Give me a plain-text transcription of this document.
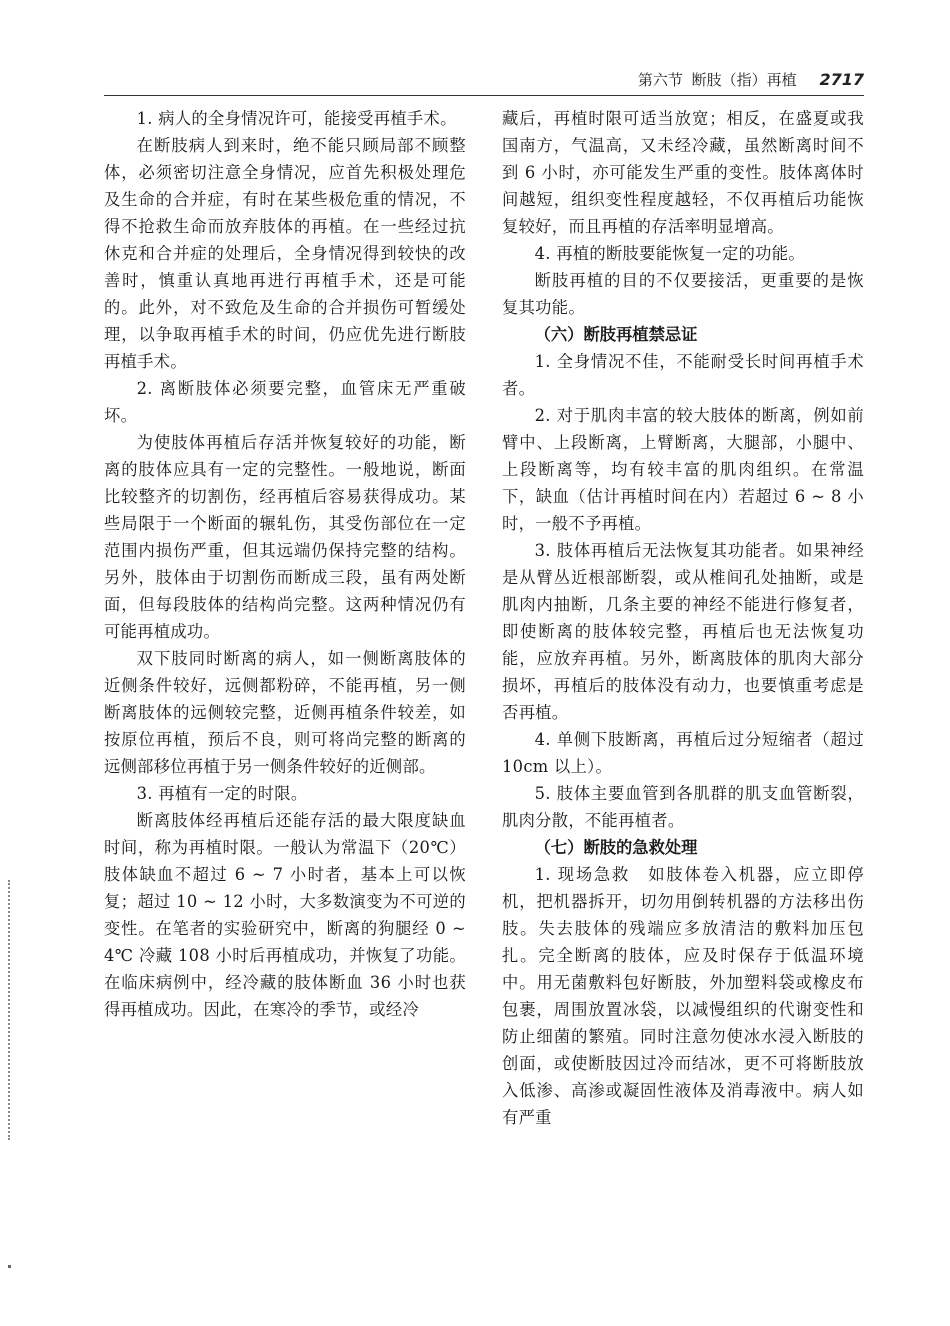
第六节 断肢（指）再植 2717

1. 病人的全身情况许可，能接受再植手术。

在断肢病人到来时，绝不能只顾局部不顾整体，必须密切注意全身情况，应首先积极处理危及生命的合并症，有时在某些极危重的情况，不得不抢救生命而放弃肢体的再植。在一些经过抗休克和合并症的处理后，全身情况得到较快的改善时，慎重认真地再进行再植手术，还是可能的。此外，对不致危及生命的合并损伤可暂缓处理，以争取再植手术的时间，仍应优先进行断肢再植手术。

2. 离断肢体必须要完整，血管床无严重破坏。

为使肢体再植后存活并恢复较好的功能，断离的肢体应具有一定的完整性。一般地说，断面比较整齐的切割伤，经再植后容易获得成功。某些局限于一个断面的辗轧伤，其受伤部位在一定范围内损伤严重，但其远端仍保持完整的结构。另外，肢体由于切割伤而断成三段，虽有两处断面，但每段肢体的结构尚完整。这两种情况仍有可能再植成功。

双下肢同时断离的病人，如一侧断离肢体的近侧条件较好，远侧都粉碎，不能再植，另一侧断离肢体的远侧较完整，近侧再植条件较差，如按原位再植，预后不良，则可将尚完整的断离的远侧部移位再植于另一侧条件较好的近侧部。

3. 再植有一定的时限。

断离肢体经再植后还能存活的最大限度缺血时间，称为再植时限。一般认为常温下（20℃）肢体缺血不超过 6 ~ 7 小时者，基本上可以恢复；超过 10 ~ 12 小时，大多数演变为不可逆的变性。在笔者的实验研究中，断离的狗腿经 0 ~ 4℃ 冷藏 108 小时后再植成功，并恢复了功能。在临床病例中，经冷藏的肢体断血 36 小时也获得再植成功。因此，在寒冷的季节，或经冷

藏后，再植时限可适当放宽；相反，在盛夏或我国南方，气温高，又未经冷藏，虽然断离时间不到 6 小时，亦可能发生严重的变性。肢体离体时间越短，组织变性程度越轻，不仅再植后功能恢复较好，而且再植的存活率明显增高。

4. 再植的断肢要能恢复一定的功能。

断肢再植的目的不仅要接活，更重要的是恢复其功能。

（六）断肢再植禁忌证

1. 全身情况不佳，不能耐受长时间再植手术者。

2. 对于肌肉丰富的较大肢体的断离，例如前臂中、上段断离，上臂断离，大腿部，小腿中、上段断离等，均有较丰富的肌肉组织。在常温下，缺血（估计再植时间在内）若超过 6 ~ 8 小时，一般不予再植。

3. 肢体再植后无法恢复其功能者。如果神经是从臂丛近根部断裂，或从椎间孔处抽断，或是肌肉内抽断，几条主要的神经不能进行修复者，即使断离的肢体较完整，再植后也无法恢复功能，应放弃再植。另外，断离肢体的肌肉大部分损坏，再植后的肢体没有动力，也要慎重考虑是否再植。

4. 单侧下肢断离，再植后过分短缩者（超过 10cm 以上）。

5. 肢体主要血管到各肌群的肌支血管断裂，肌肉分散，不能再植者。

（七）断肢的急救处理

1. 现场急救　如肢体卷入机器，应立即停机，把机器拆开，切勿用倒转机器的方法移出伤肢。失去肢体的残端应多放清洁的敷料加压包扎。完全断离的肢体，应及时保存于低温环境中。用无菌敷料包好断肢，外加塑料袋或橡皮布包裹，周围放置冰袋，以减慢组织的代谢变性和防止细菌的繁殖。同时注意勿使冰水浸入断肢的创面，或使断肢因过冷而结冰，更不可将断肢放入低渗、高渗或凝固性液体及消毒液中。病人如有严重
